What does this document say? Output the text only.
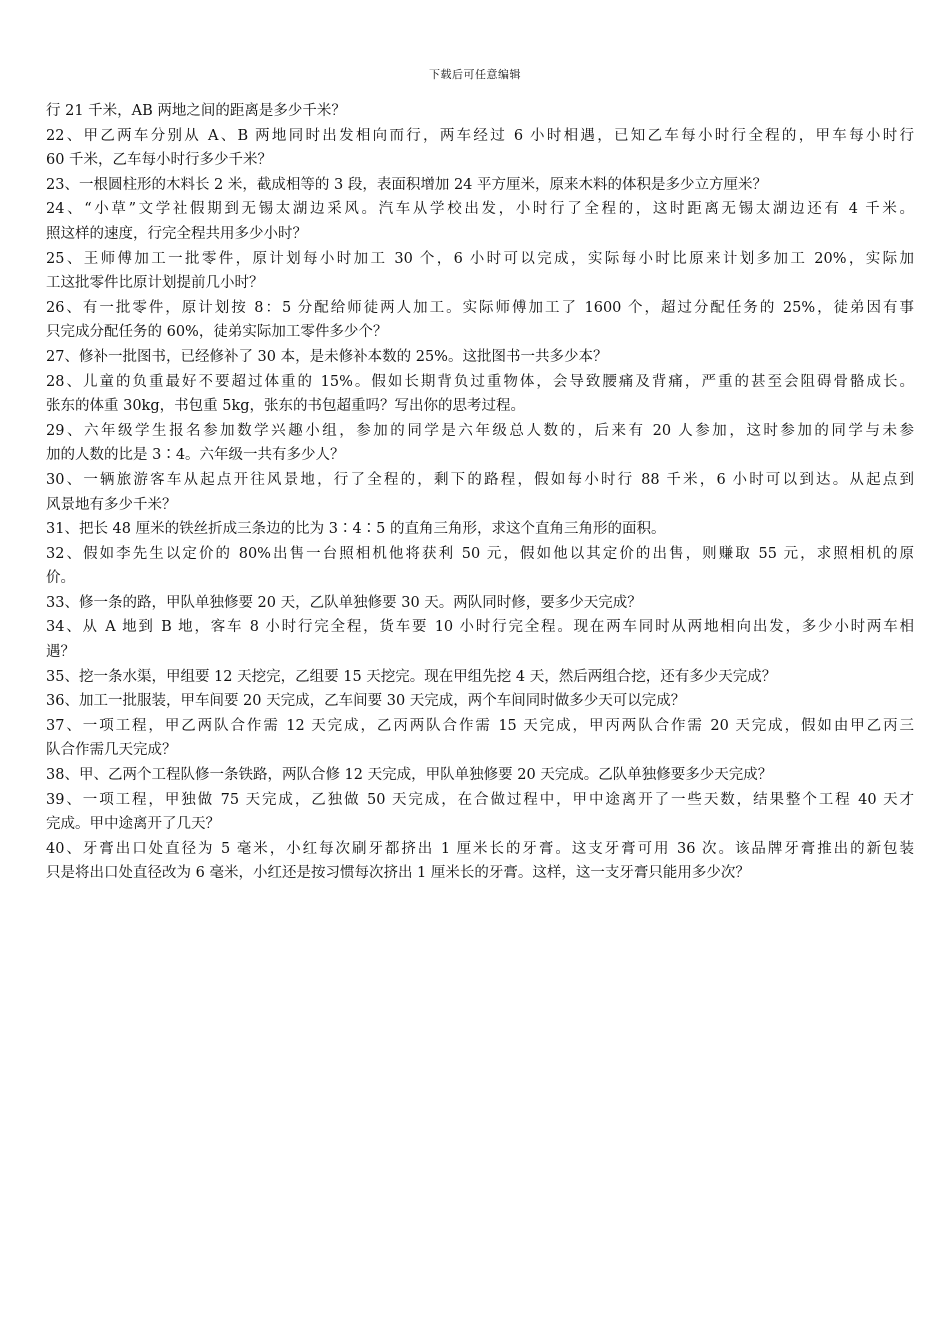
下载后可任意编辑
行 21 千米，AB 两地之间的距离是多少千米？
22、甲乙两车分别从 A、B 两地同时出发相向而行，两车经过 6 小时相遇，已知乙车每小时行全程的，甲车每小时行
60 千米，乙车每小时行多少千米？
23、一根圆柱形的木料长 2 米，截成相等的 3 段，表面积增加 24 平方厘米，原来木料的体积是多少立方厘米？
24、“小草”文学社假期到无锡太湖边采风。汽车从学校出发，小时行了全程的，这时距离无锡太湖边还有 4 千米。
照这样的速度，行完全程共用多少小时？
25、王师傅加工一批零件，原计划每小时加工 30 个，6 小时可以完成，实际每小时比原来计划多加工 20%，实际加
工这批零件比原计划提前几小时？
26、有一批零件，原计划按 8：5 分配给师徒两人加工。实际师傅加工了 1600 个，超过分配任务的 25%，徒弟因有事
只完成分配任务的 60%，徒弟实际加工零件多少个？
27、修补一批图书，已经修补了 30 本，是未修补本数的 25%。这批图书一共多少本？
28、儿童的负重最好不要超过体重的 15%。假如长期背负过重物体，会导致腰痛及背痛，严重的甚至会阻碍骨骼成长。
张东的体重 30kg，书包重 5kg，张东的书包超重吗？写出你的思考过程。
29、六年级学生报名参加数学兴趣小组，参加的同学是六年级总人数的，后来有 20 人参加，这时参加的同学与未参
加的人数的比是 3∶4。六年级一共有多少人？
30、一辆旅游客车从起点开往风景地，行了全程的，剩下的路程，假如每小时行 88 千米，6 小时可以到达。从起点到
风景地有多少千米？
31、把长 48 厘米的铁丝折成三条边的比为 3∶4∶5 的直角三角形，求这个直角三角形的面积。
32、假如李先生以定价的 80%出售一台照相机他将获利 50 元，假如他以其定价的出售，则赚取 55 元，求照相机的原
价。
33、修一条的路，甲队单独修要 20 天，乙队单独修要 30 天。两队同时修，要多少天完成？
34、从 A 地到 B 地，客车 8 小时行完全程，货车要 10 小时行完全程。现在两车同时从两地相向出发，多少小时两车相
遇？
35、挖一条水渠，甲组要 12 天挖完，乙组要 15 天挖完。现在甲组先挖 4 天，然后两组合挖，还有多少天完成？
36、加工一批服装，甲车间要 20 天完成，乙车间要 30 天完成，两个车间同时做多少天可以完成？
37、一项工程，甲乙两队合作需 12 天完成，乙丙两队合作需 15 天完成，甲丙两队合作需 20 天完成，假如由甲乙丙三
队合作需几天完成？
38、甲、乙两个工程队修一条铁路，两队合修 12 天完成，甲队单独修要 20 天完成。乙队单独修要多少天完成？
39、一项工程，甲独做 75 天完成，乙独做 50 天完成，在合做过程中，甲中途离开了一些天数，结果整个工程 40 天才
完成。甲中途离开了几天？
40、牙膏出口处直径为 5 毫米，小红每次刷牙都挤出 1 厘米长的牙膏。这支牙膏可用 36 次。该品牌牙膏推出的新包装
只是将出口处直径改为 6 毫米，小红还是按习惯每次挤出 1 厘米长的牙膏。这样，这一支牙膏只能用多少次？
